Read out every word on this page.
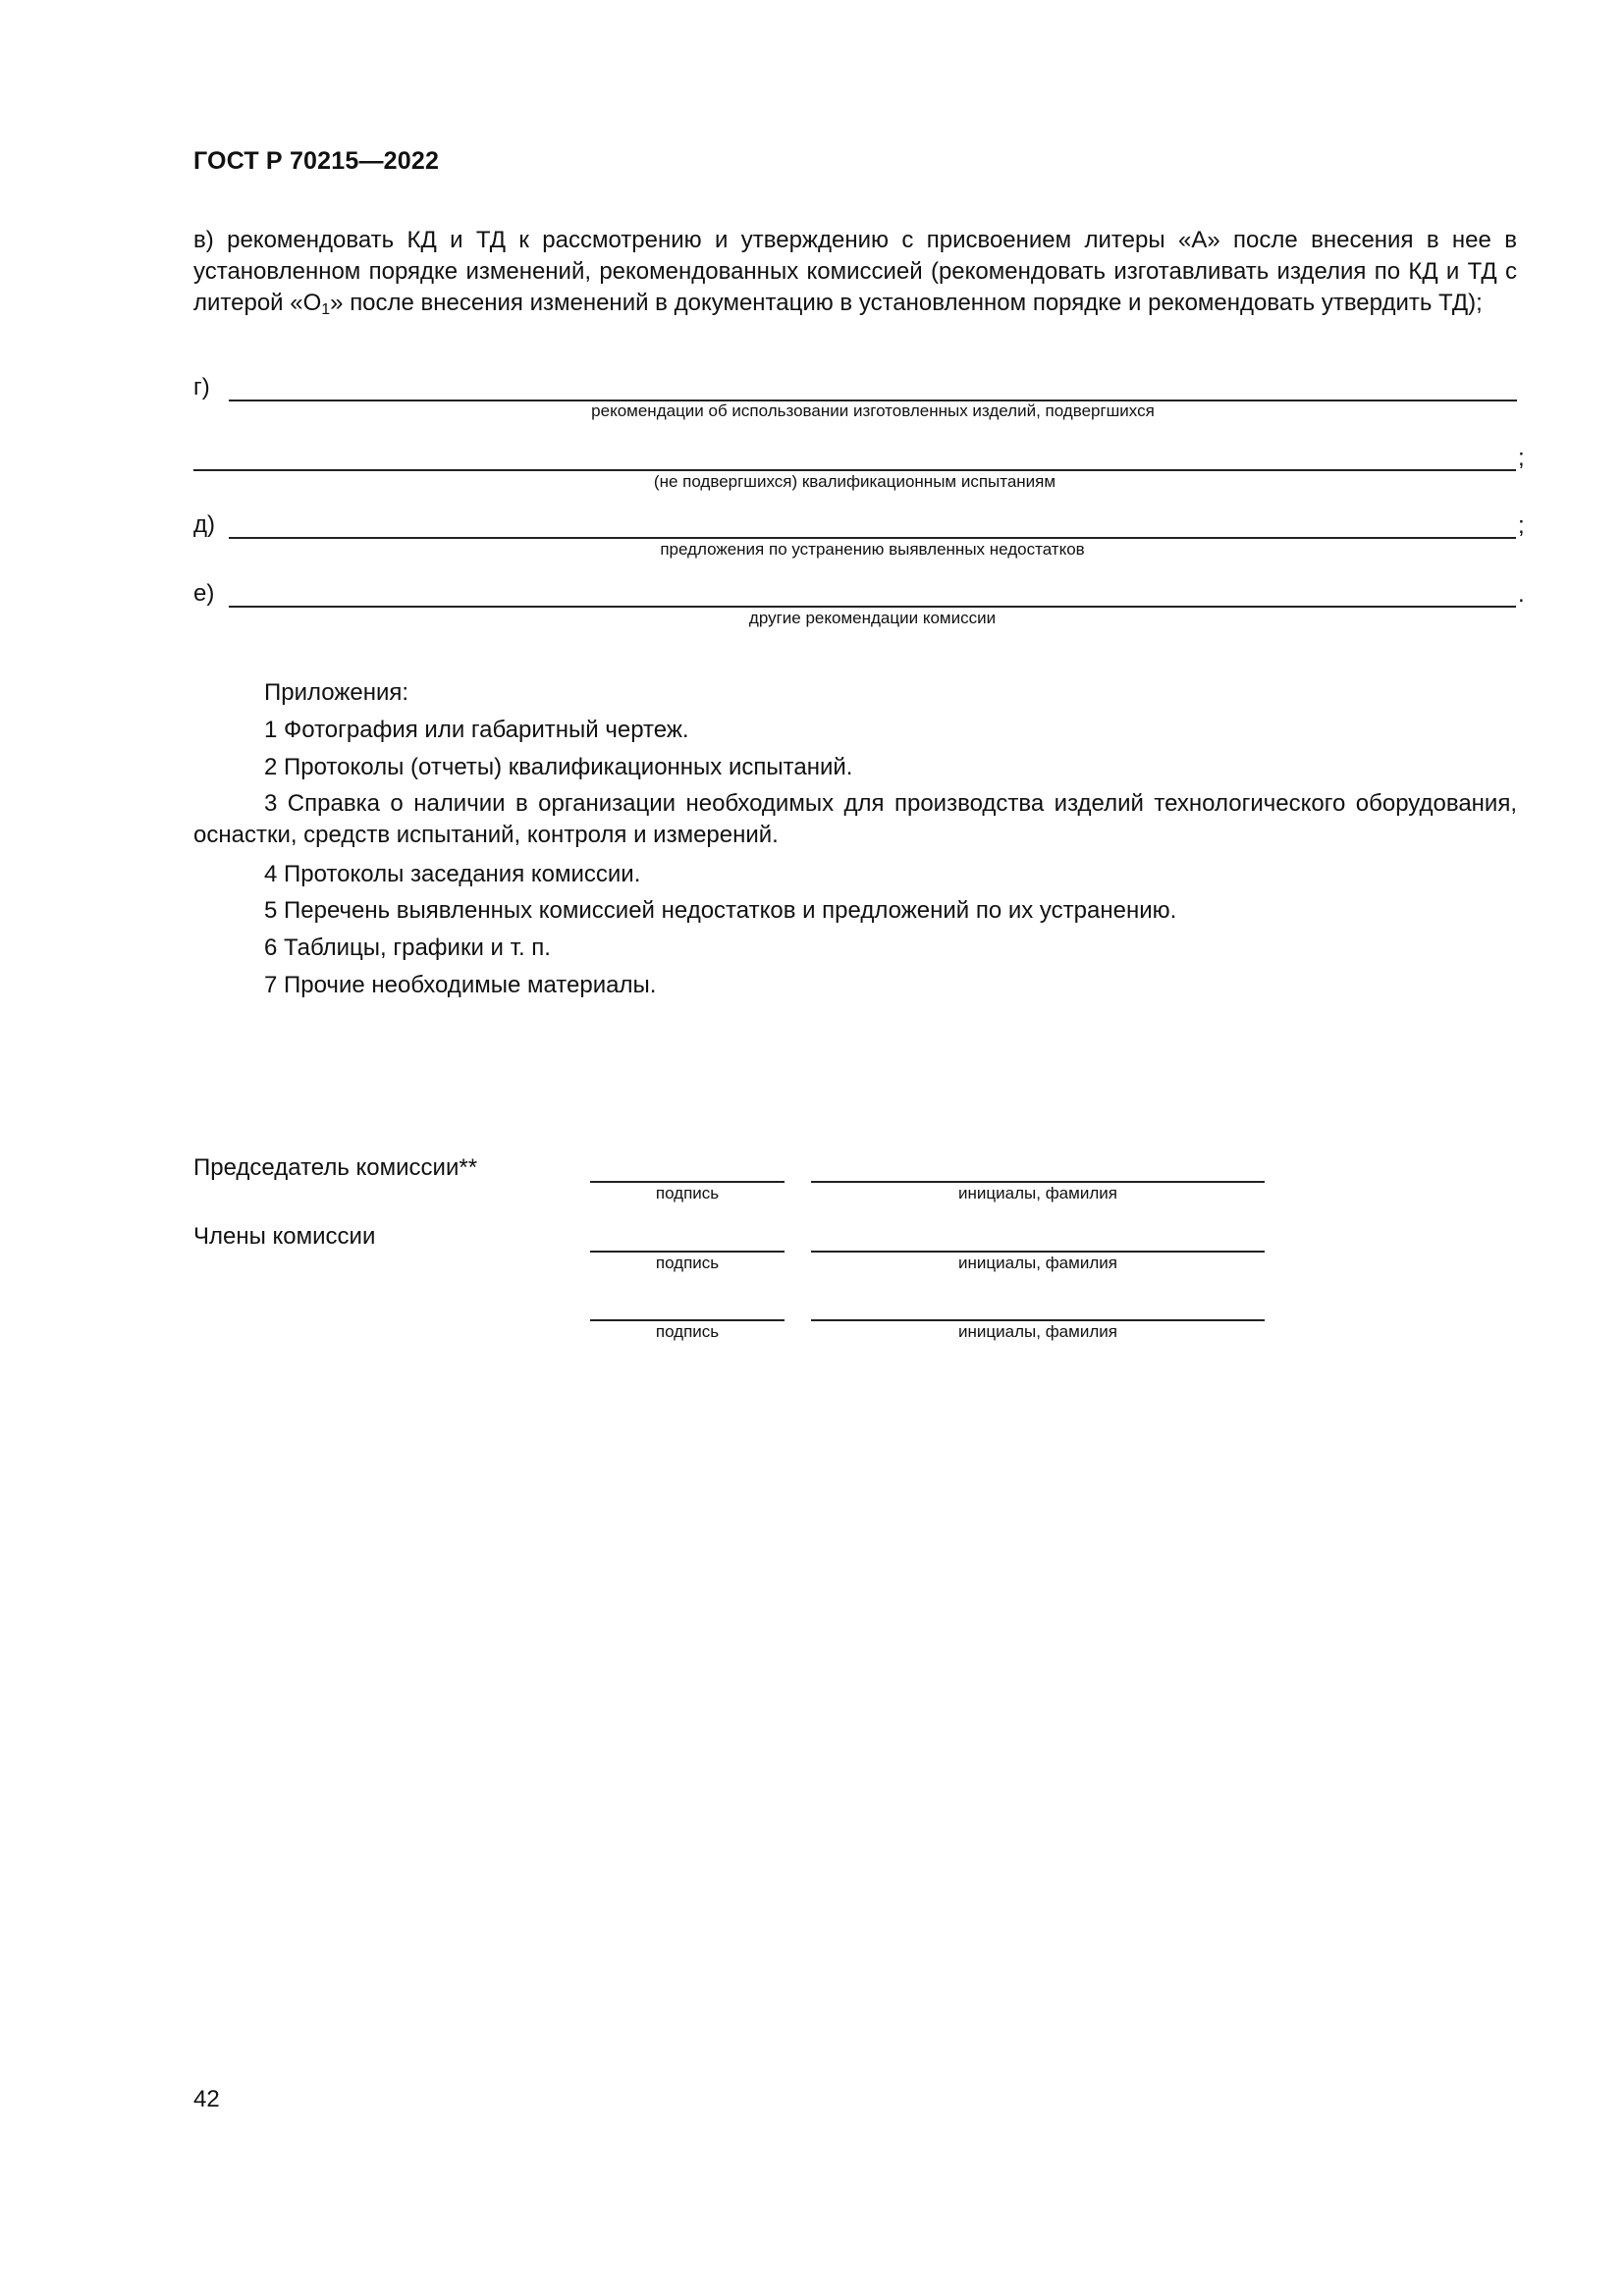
ГОСТ Р 70215—2022
в) рекомендовать КД и ТД к рассмотрению и утверждению с присвоением литеры «А» после внесения в нее в установленном порядке изменений, рекомендованных комиссией (рекомендовать изготавливать изделия по КД и ТД с литерой «$О_1$» после внесения изменений в документацию в установленном порядке и рекомендовать утвердить ТД);
г)
рекомендации об использовании изготовленных изделий, подвергшихся
;
(не подвергшихся) квалификационным испытаниям
д)	;
предложения по устранению выявленных недостатков
е)	.
другие рекомендации комиссии
Приложения:
1 Фотография или габаритный чертеж.
2 Протоколы (отчеты) квалификационных испытаний.
3 Справка о наличии в организации необходимых для производства изделий технологического оборудования, оснастки, средств испытаний, контроля и измерений.
4 Протоколы заседания комиссии.
5 Перечень выявленных комиссией недостатков и предложений по их устранению.
6 Таблицы, графики и т. п.
7 Прочие необходимые материалы.
Председатель комиссии**
подпись	инициалы, фамилия
Члены комиссии
подпись	инициалы, фамилия
подпись	инициалы, фамилия
42
